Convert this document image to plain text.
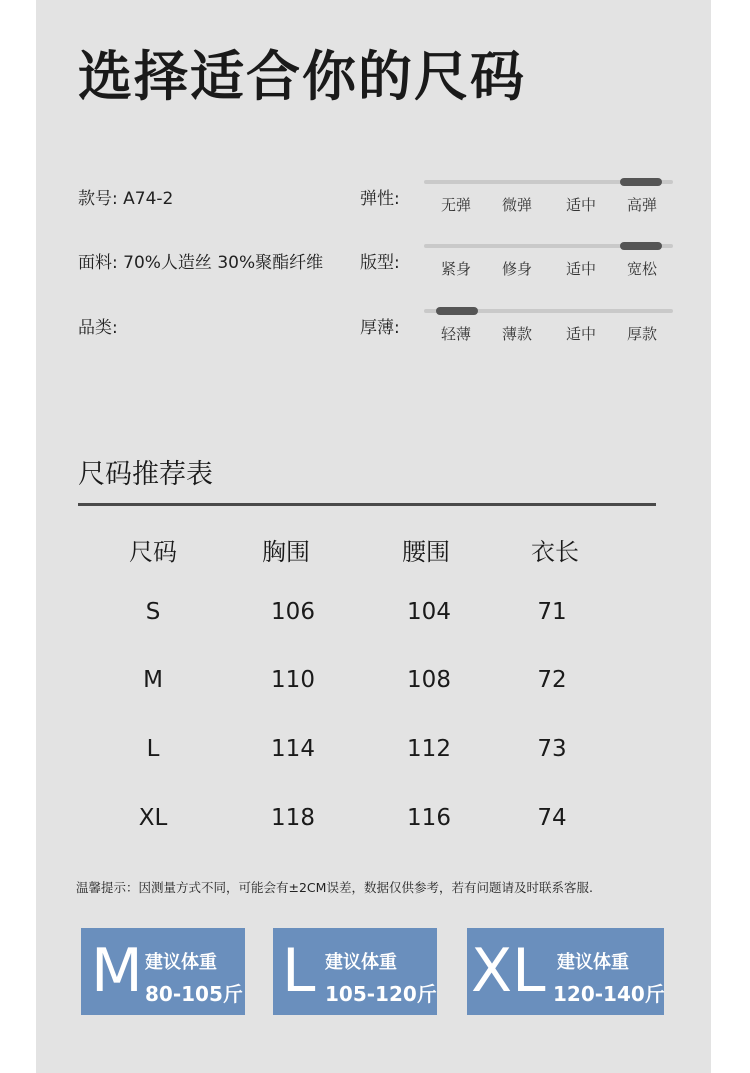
选择适合你的尺码
款号: A74-2	弹性:	无弹 微弹 适中 高弹
面料: 70%人造丝 30%聚酯纤维 版型:	紧身 修身 适中 宽松
品类:	厚薄:	轻薄 薄款 适中 厚款
尺码推荐表
尺码	胸围	腰围	衣长
S	106	104	71
M	110	108	72
L	114	112	73
XL	118	116	74
温馨提示：因测量方式不同，可能会有±2CM误差，数据仅供参考，若有问题请及时联系客服.
M 建议体重
80-105斤 L 建议体重
105-120斤 XL 建议体重
120-140斤
